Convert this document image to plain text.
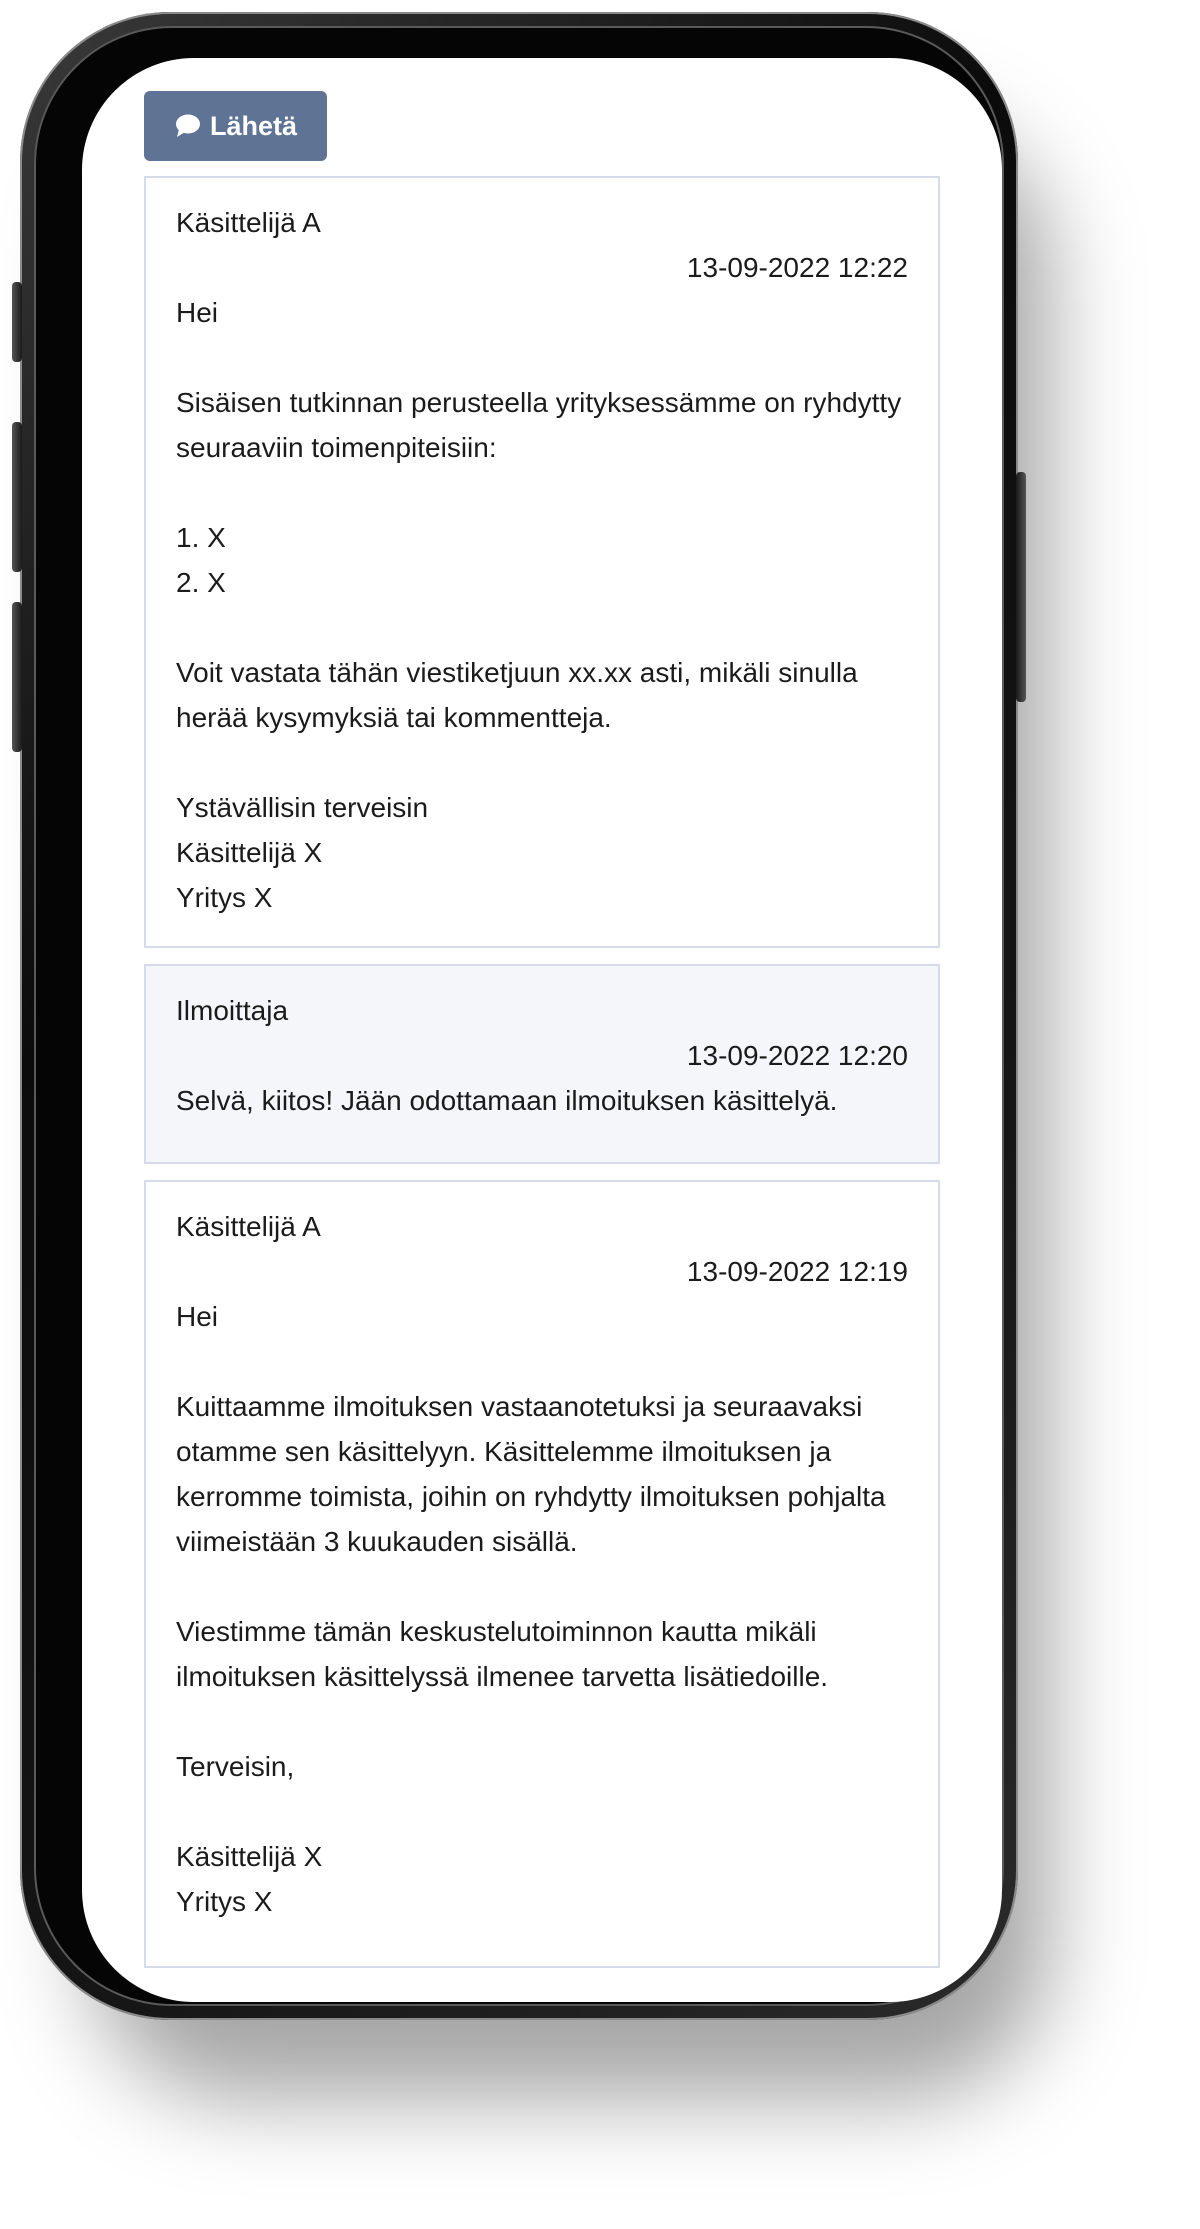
Lähetä
Käsittelijä A
13-09-2022 12:22
Hei

Sisäisen tutkinnan perusteella yrityksessämme on ryhdytty seuraaviin toimenpiteisiin:

1. X
2. X

Voit vastata tähän viestiketjuun xx.xx asti, mikäli sinulla herää kysymyksiä tai kommentteja.

Ystävällisin terveisin
Käsittelijä X
Yritys X
Ilmoittaja
13-09-2022 12:20
Selvä, kiitos! Jään odottamaan ilmoituksen käsittelyä.
Käsittelijä A
13-09-2022 12:19
Hei

Kuittaamme ilmoituksen vastaanotetuksi ja seuraavaksi otamme sen käsittelyyn. Käsittelemme ilmoituksen ja kerromme toimista, joihin on ryhdytty ilmoituksen pohjalta viimeistään 3 kuukauden sisällä.

Viestimme tämän keskustelutoiminnon kautta mikäli ilmoituksen käsittelyssä ilmenee tarvetta lisätiedoille.

Terveisin,

Käsittelijä X
Yritys X
